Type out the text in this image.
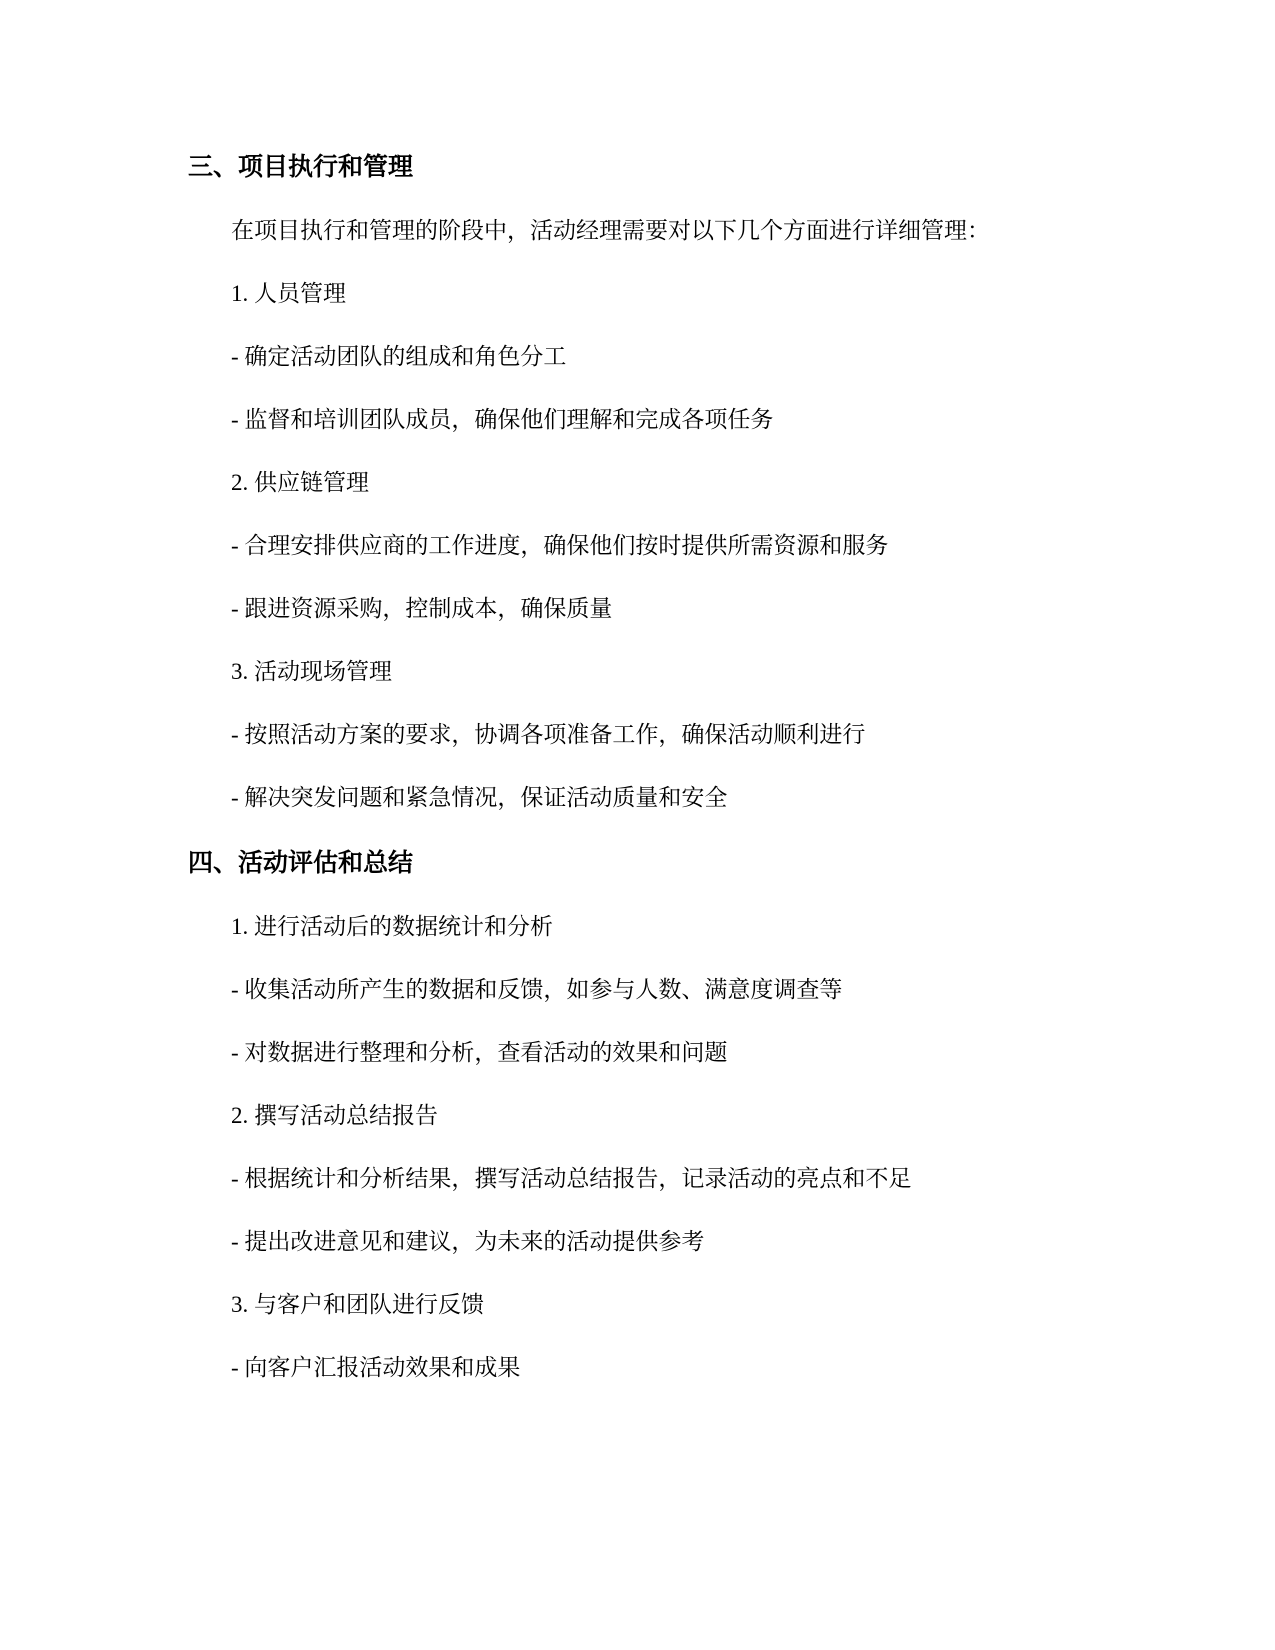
三、项目执行和管理

在项目执行和管理的阶段中，活动经理需要对以下几个方面进行详细管理：

1. 人员管理

- 确定活动团队的组成和角色分工

- 监督和培训团队成员，确保他们理解和完成各项任务

2. 供应链管理

- 合理安排供应商的工作进度，确保他们按时提供所需资源和服务

- 跟进资源采购，控制成本，确保质量

3. 活动现场管理

- 按照活动方案的要求，协调各项准备工作，确保活动顺利进行

- 解决突发问题和紧急情况，保证活动质量和安全

四、活动评估和总结

1. 进行活动后的数据统计和分析

- 收集活动所产生的数据和反馈，如参与人数、满意度调查等

- 对数据进行整理和分析，查看活动的效果和问题

2. 撰写活动总结报告

- 根据统计和分析结果，撰写活动总结报告，记录活动的亮点和不足

- 提出改进意见和建议，为未来的活动提供参考

3. 与客户和团队进行反馈

- 向客户汇报活动效果和成果
